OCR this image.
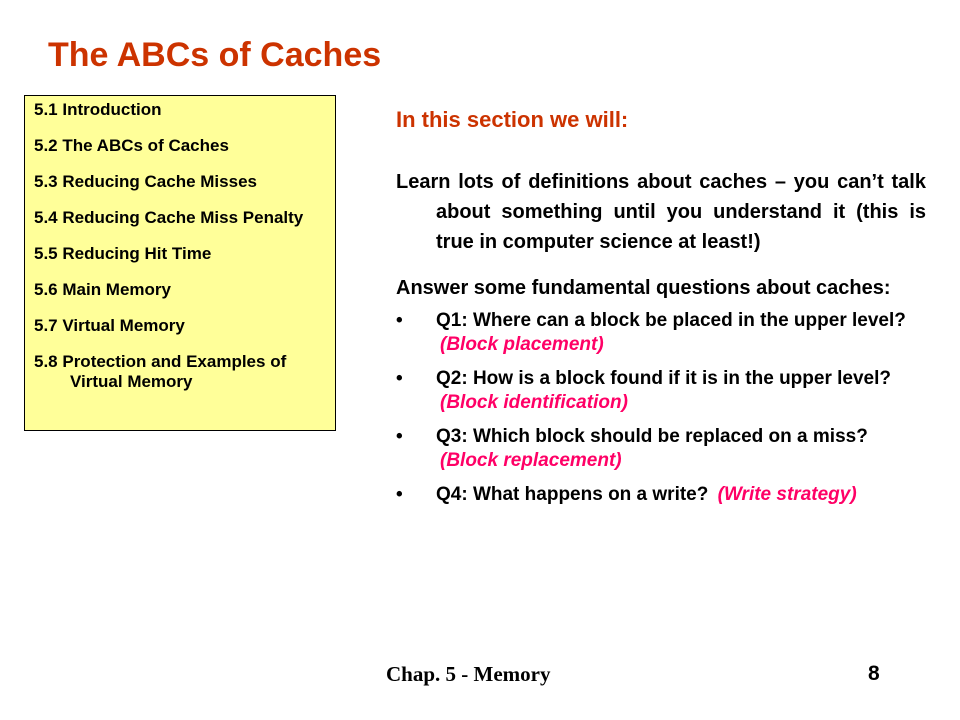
The ABCs of Caches
5.1 Introduction
5.2 The ABCs of Caches
5.3 Reducing Cache Misses
5.4 Reducing Cache Miss Penalty
5.5 Reducing Hit Time
5.6 Main Memory
5.7 Virtual Memory
5.8 Protection and Examples of Virtual Memory
In this section we will:
Learn lots of definitions about caches – you can’t talk about something until you understand it (this is true in computer science at least!)
Answer some fundamental questions about caches:
• Q1: Where can a block be placed in the upper level? (Block placement)
• Q2: How is a block found if it is in the upper level? (Block identification)
• Q3: Which block should be replaced on a miss? (Block replacement)
• Q4: What happens on a write? (Write strategy)
Chap. 5 - Memory	8
